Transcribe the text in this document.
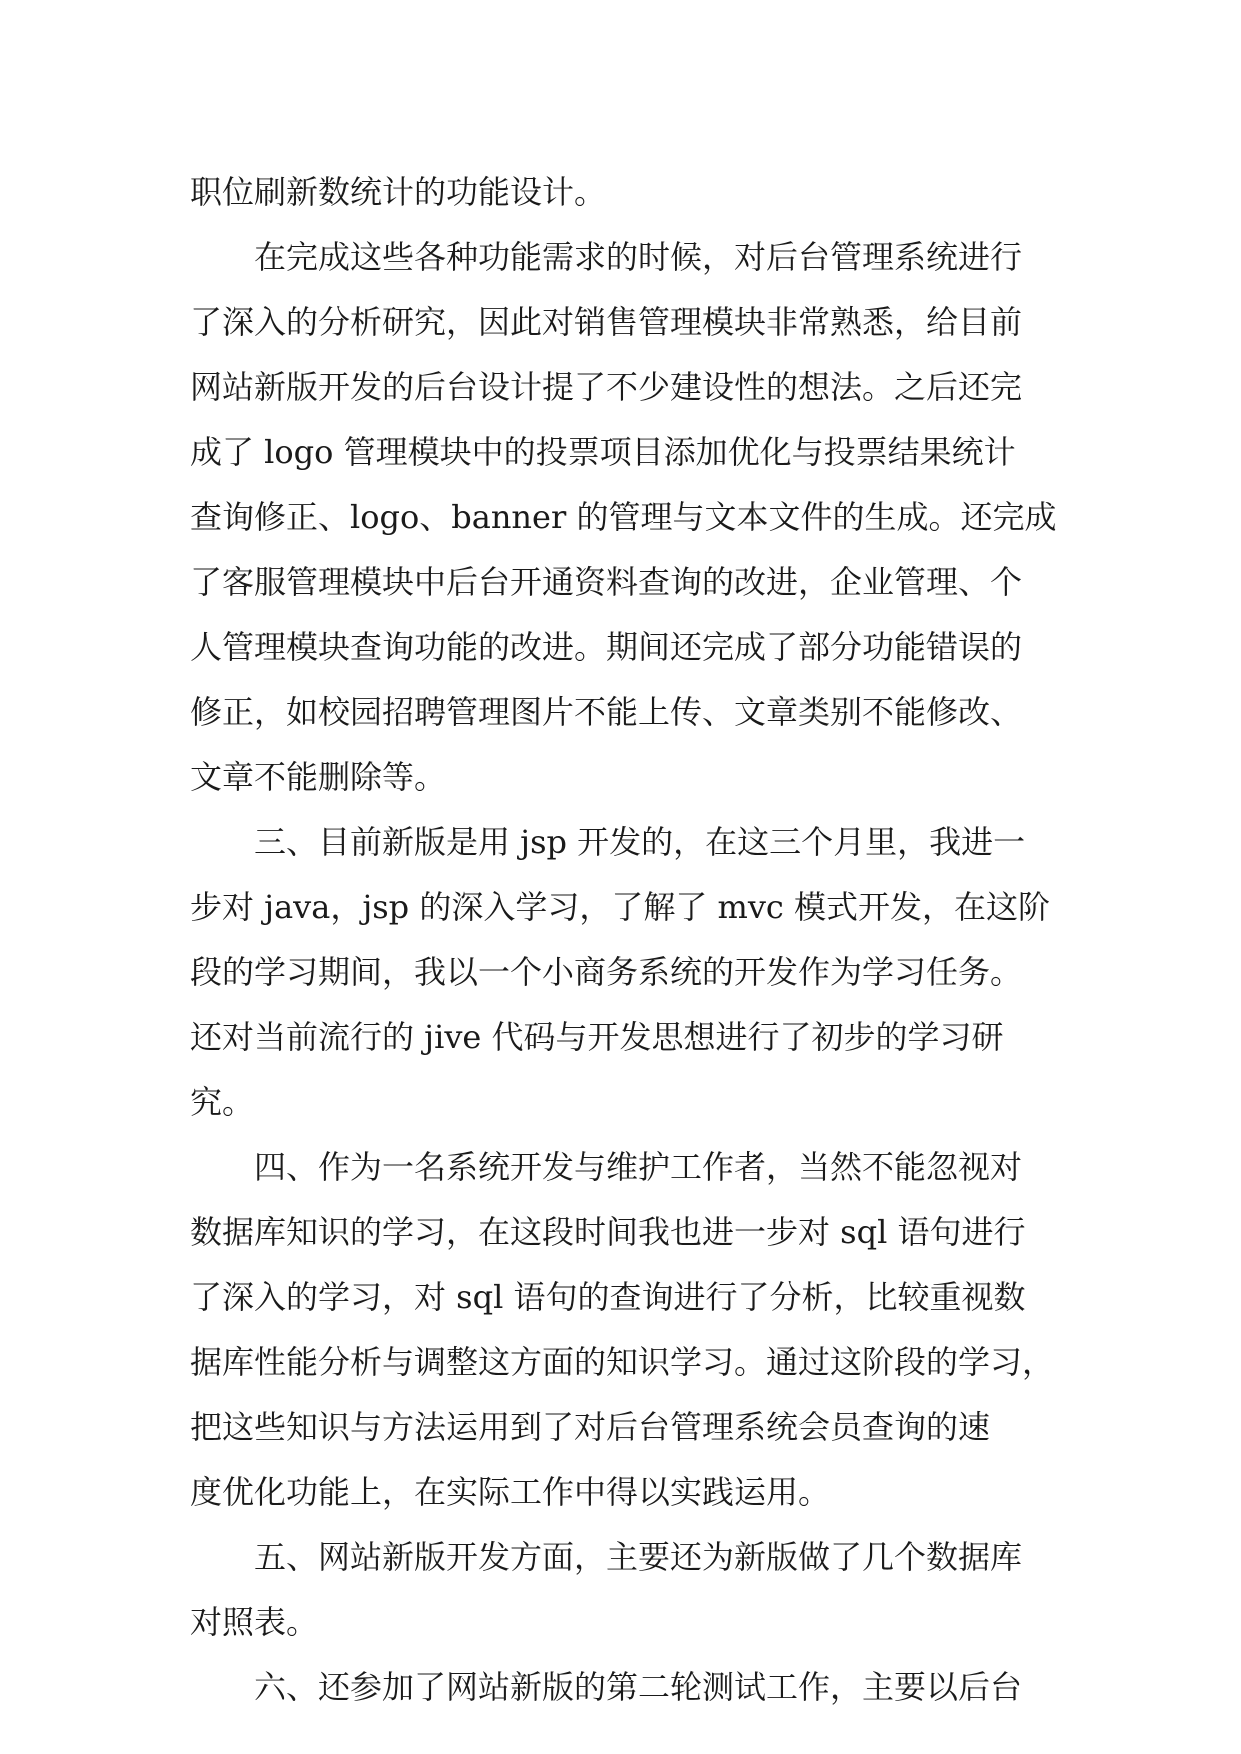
职位刷新数统计的功能设计。
在完成这些各种功能需求的时候，对后台管理系统进行
了深入的分析研究，因此对销售管理模块非常熟悉，给目前
网站新版开发的后台设计提了不少建设性的想法。之后还完
成了 logo 管理模块中的投票项目添加优化与投票结果统计
查询修正、logo、banner 的管理与文本文件的生成。还完成
了客服管理模块中后台开通资料查询的改进，企业管理、个
人管理模块查询功能的改进。期间还完成了部分功能错误的
修正，如校园招聘管理图片不能上传、文章类别不能修改、
文章不能删除等。
三、目前新版是用 jsp 开发的，在这三个月里，我进一
步对 java，jsp 的深入学习，了解了 mvc 模式开发，在这阶
段的学习期间，我以一个小商务系统的开发作为学习任务。
还对当前流行的 jive 代码与开发思想进行了初步的学习研
究。
四、作为一名系统开发与维护工作者，当然不能忽视对
数据库知识的学习，在这段时间我也进一步对 sql 语句进行
了深入的学习，对 sql 语句的查询进行了分析，比较重视数
据库性能分析与调整这方面的知识学习。通过这阶段的学习，
把这些知识与方法运用到了对后台管理系统会员查询的速
度优化功能上，在实际工作中得以实践运用。
五、网站新版开发方面，主要还为新版做了几个数据库
对照表。
六、还参加了网站新版的第二轮测试工作，主要以后台
